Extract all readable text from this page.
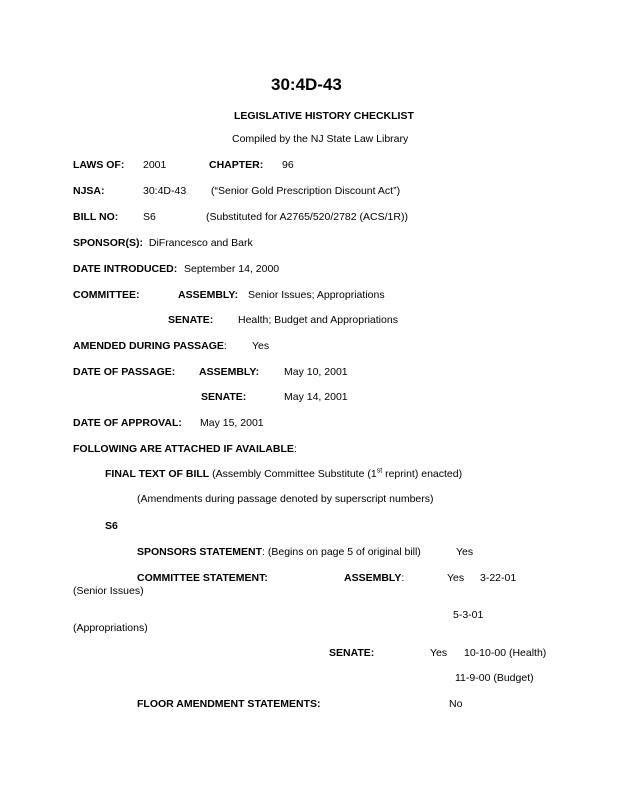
30:4D-43
LEGISLATIVE HISTORY CHECKLIST
Compiled by the NJ State Law Library
LAWS OF: 2001	CHAPTER: 96
NJSA:	30:4D-43 (“Senior Gold Prescription Discount Act”)
BILL NO: S6	(Substituted for A2765/520/2782 (ACS/1R))
SPONSOR(S): DiFrancesco and Bark
DATE INTRODUCED: September 14, 2000
COMMITTEE:	ASSEMBLY: Senior Issues; Appropriations
SENATE: Health; Budget and Appropriations
AMENDED DURING PASSAGE: Yes
DATE OF PASSAGE: ASSEMBLY: May 10, 2001
SENATE:	May 14, 2001
DATE OF APPROVAL: May 15, 2001
FOLLOWING ARE ATTACHED IF AVAILABLE:
FINAL TEXT OF BILL (Assembly Committee Substitute (1st reprint) enacted)
(Amendments during passage denoted by superscript numbers)
S6
SPONSORS STATEMENT: (Begins on page 5 of original bill)	Yes
COMMITTEE STATEMENT:	ASSEMBLY:	Yes 3-22-01
(Senior Issues)
5-3-01
(Appropriations)
SENATE:	Yes 10-10-00 (Health)
11-9-00 (Budget)
FLOOR AMENDMENT STATEMENTS:	No
